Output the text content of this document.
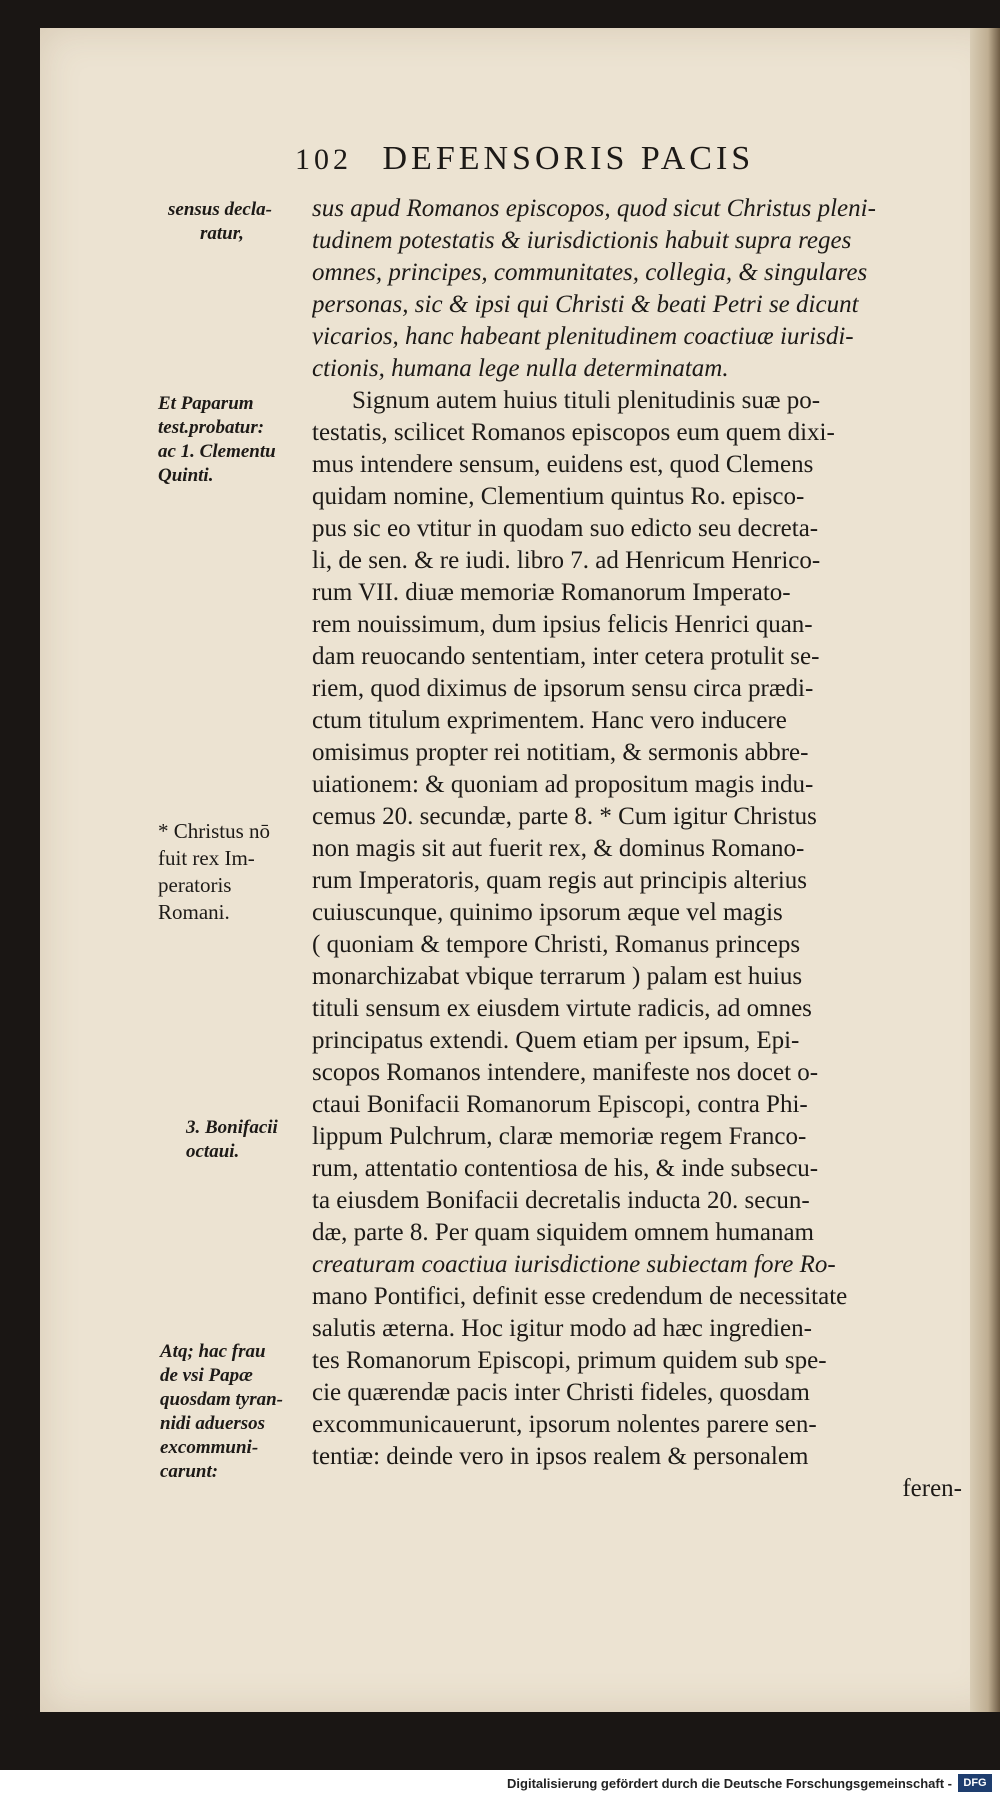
102 DEFENSORIS PACIS
sensus decla-
ratur,
Et Paparum
test.probatur:
ac 1. Clementu
Quinti.
* Christus nō
fuit rex Im-
peratoris
Romani.
3. Bonifacii
octaui.
Atq; hac frau
de vsi Papæ
quosdam tyran-
nidi aduersos
excommuni-
carunt:
sus apud Romanos episcopos, quod sicut Christus pleni-
tudinem potestatis & iurisdictionis habuit supra reges
omnes, principes, communitates, collegia, & singulares
personas, sic & ipsi qui Christi & beati Petri se dicunt
vicarios, hanc habeant plenitudinem coactiuæ iurisdi-
ctionis, humana lege nulla determinatam.
Signum autem huius tituli plenitudinis suæ po-
testatis, scilicet Romanos episcopos eum quem dixi-
mus intendere sensum, euidens est, quod Clemens
quidam nomine, Clementium quintus Ro. episco-
pus sic eo vtitur in quodam suo edicto seu decreta-
li, de sen. & re iudi. libro 7. ad Henricum Henrico-
rum VII. diuæ memoriæ Romanorum Imperato-
rem nouissimum, dum ipsius felicis Henrici quan-
dam reuocando sententiam, inter cetera protulit se-
riem, quod diximus de ipsorum sensu circa prædi-
ctum titulum exprimentem. Hanc vero inducere
omisimus propter rei notitiam, & sermonis abbre-
uiationem: & quoniam ad propositum magis indu-
cemus 20. secundæ, parte 8. * Cum igitur Christus
non magis sit aut fuerit rex, & dominus Romano-
rum Imperatoris, quam regis aut principis alterius
cuiuscunque, quinimo ipsorum æque vel magis
( quoniam & tempore Christi, Romanus princeps
monarchizabat vbique terrarum ) palam est huius
tituli sensum ex eiusdem virtute radicis, ad omnes
principatus extendi. Quem etiam per ipsum, Epi-
scopos Romanos intendere, manifeste nos docet o-
ctaui Bonifacii Romanorum Episcopi, contra Phi-
lippum Pulchrum, claræ memoriæ regem Franco-
rum, attentatio contentiosa de his, & inde subsecu-
ta eiusdem Bonifacii decretalis inducta 20. secun-
dæ, parte 8. Per quam siquidem omnem humanam
creaturam coactiua iurisdictione subiectam fore Ro-
mano Pontifici, definit esse credendum de necessitate
salutis æterna. Hoc igitur modo ad hæc ingredien-
tes Romanorum Episcopi, primum quidem sub spe-
cie quærendæ pacis inter Christi fideles, quosdam
excommunicauerunt, ipsorum nolentes parere sen-
tentiæ: deinde vero in ipsos realem & personalem
feren-
Digitalisierung gefördert durch die Deutsche Forschungsgemeinschaft -	DFG
